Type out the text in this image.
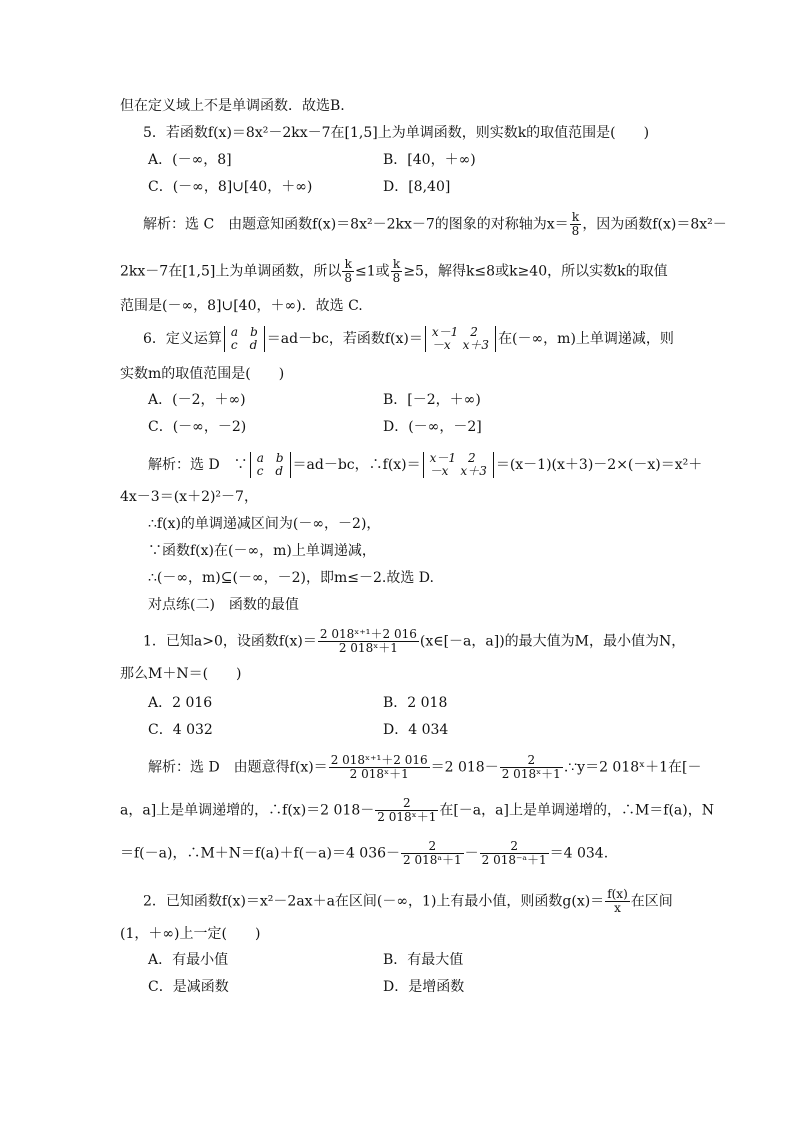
但在定义域上不是单调函数．故选B.
5．若函数f(x)＝8x²－2kx－7在[1,5]上为单调函数，则实数k的取值范围是(　　)
A．(－∞，8]	B．[40，＋∞)
C．(－∞，8]∪[40，＋∞)	D．[8,40]
解析：选 C　由题意知函数f(x)＝8x²－2kx－7的图象的对称轴为$x= \frac{k}{8}$ ，因为函数f(x)＝8x²－
2kx－7在[1,5]上为单调函数，所以 $\frac{k}{8} \le 1$或 $\frac{k}{8} \ge 5$，解得k≤8或k≥40，所以实数k的取值
范围是(－∞，8]∪[40，＋∞)．故选 C.
6．定义运算 a　b
c　d ＝ad－bc，若函数f(x)＝ x－1　2
－x　x＋3 在(－∞，m)上单调递减，则
实数m的取值范围是(　　)
A．(－2，＋∞)	B．[－2，＋∞)
C．(－∞，－2)	D．(－∞，－2]
解析：选 D　∵ a　b
c　d ＝ad－bc，∴f(x)＝ x－1　2
－x　x＋3 ＝(x－1)(x＋3)－2×(－x)＝x²＋
4x－3＝(x＋2)²－7，
∴f(x)的单调递减区间为(－∞，－2)，
∵函数f(x)在(－∞，m)上单调递减，
∴(－∞，m)⊆(－∞，－2)，即m≤－2.故选 D.
对点练(二)　函数的最值
1．已知a>0，设函数$f(x)= \frac{\text{2 018ˣ⁺¹＋2 016}}{\text{2 018ˣ＋1}}$ (x∈[－a，a])的最大值为M，最小值为N，
那么M＋N＝(　　)
A．2 016	B．2 018
C．4 032	D．4 034
解析：选 D　由题意得$f(x)= \frac{\text{2 018ˣ⁺¹＋2 016}}{\text{2 018ˣ＋1}} =2$ $018- \frac{2}{\text{2 018ˣ＋1}}$ .∵y＝2 018ˣ＋1在[－
a，a]上是单调递增的，∴f(x)＝2 $018- \frac{2}{\text{2 018ˣ＋1}}$ 在[－a，a]上是单调递增的，∴M＝f(a)，N
＝f(－a)，∴M＋N＝f(a)＋f(－a)＝4 $036- \frac{2}{\text{2 018ᵃ＋1}} - \frac{2}{\text{2 018⁻ᵃ＋1}} =4$ 034.
2．已知函数f(x)＝x²－2ax＋a在区间(－∞，1)上有最小值，则函数$g(x)= \frac{f(x)}{x}$ 在区间
(1，＋∞)上一定(　　)
A．有最小值	B．有最大值
C．是减函数	D．是增函数
